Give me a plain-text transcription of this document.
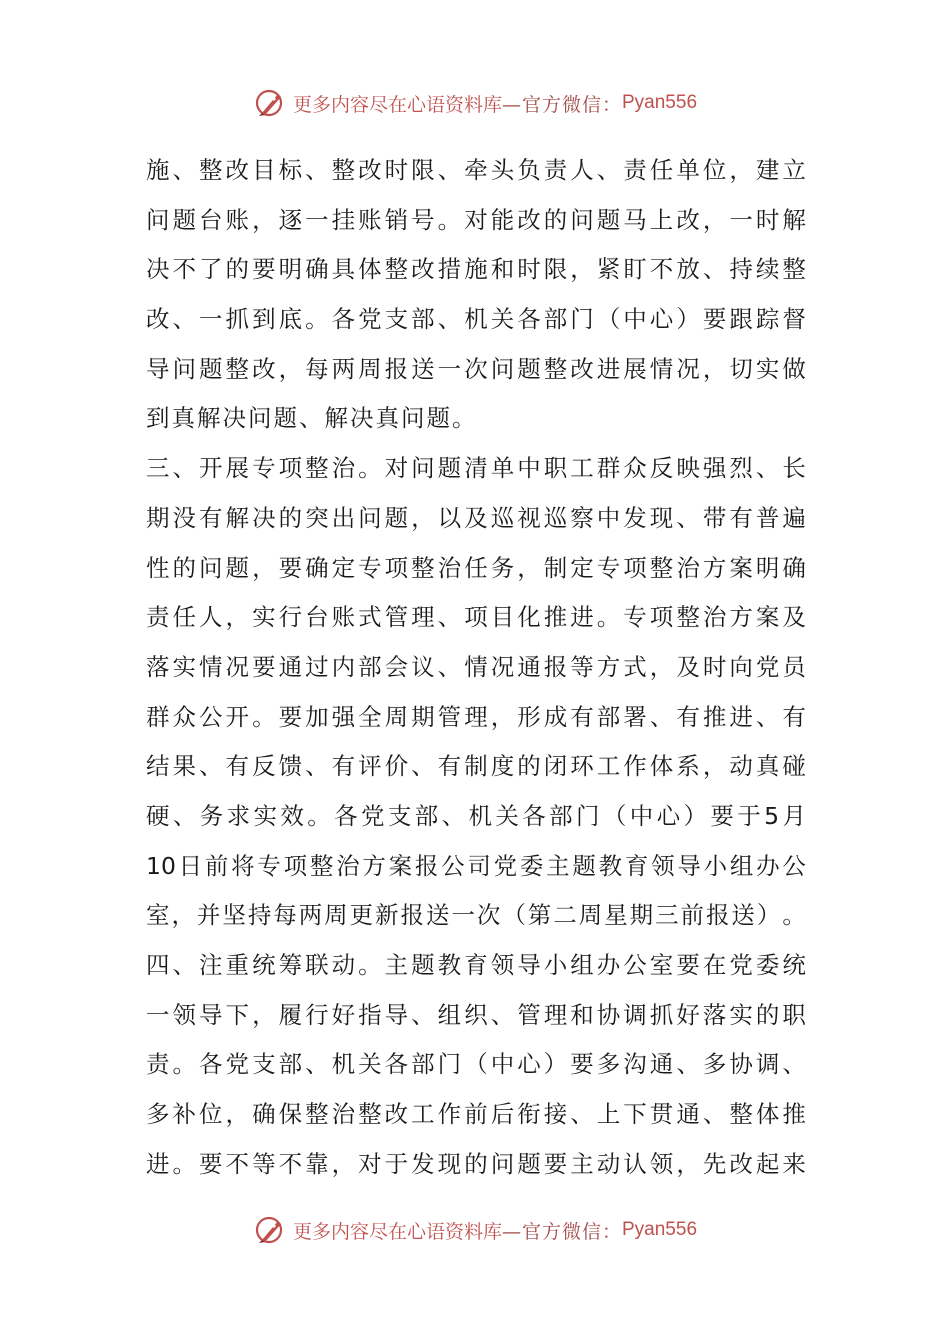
更多内容尽在心语资料库 —官方微信： Pyan556
施 、 整 改 目 标 、 整 改 时 限 、 牵 头 负 责 人 、 责 任 单 位 ， 建 立
问 题 台 账 ， 逐 一 挂 账 销 号 。 对 能 改 的 问 题 马 上 改 ， 一 时 解
决 不 了 的 要 明 确 具 体 整 改 措 施 和 时 限 ， 紧 盯 不 放 、 持 续 整
改 、 一 抓 到 底 。 各 党 支 部 、 机 关 各 部 门 （ 中 心 ） 要 跟 踪 督
导 问 题 整 改 ， 每 两 周 报 送 一 次 问 题 整 改 进 展 情 况 ， 切 实 做
到真解决问题、解决真问题。
三 、 开 展 专 项 整 治 。 对 问 题 清 单 中 职 工 群 众 反 映 强 烈 、 长
期 没 有 解 决 的 突 出 问 题 ， 以 及 巡 视 巡 察 中 发 现 、 带 有 普 遍
性 的 问 题 ， 要 确 定 专 项 整 治 任 务 ， 制 定 专 项 整 治 方 案 明 确
责 任 人 ， 实 行 台 账 式 管 理 、 项 目 化 推 进 。 专 项 整 治 方 案 及
落 实 情 况 要 通 过 内 部 会 议 、 情 况 通 报 等 方 式 ， 及 时 向 党 员
群 众 公 开 。 要 加 强 全 周 期 管 理 ， 形 成 有 部 署 、 有 推 进 、 有
结 果 、 有 反 馈 、 有 评 价 、 有 制 度 的 闭 环 工 作 体 系 ， 动 真 碰
硬 、 务 求 实 效 。 各 党 支 部 、 机 关 各 部 门 （ 中 心 ） 要 于 5 月
10 日 前 将 专 项 整 治 方 案 报 公 司 党 委 主 题 教 育 领 导 小 组 办 公
室 ， 并 坚 持 每 两 周 更 新 报 送 一 次 （ 第 二 周 星 期 三 前 报 送 ） 。
四 、 注 重 统 筹 联 动 。 主 题 教 育 领 导 小 组 办 公 室 要 在 党 委 统
一 领 导 下 ， 履 行 好 指 导 、 组 织 、 管 理 和 协 调 抓 好 落 实 的 职
责 。 各 党 支 部 、 机 关 各 部 门 （ 中 心 ） 要 多 沟 通 、 多 协 调 、
多 补 位 ， 确 保 整 治 整 改 工 作 前 后 衔 接 、 上 下 贯 通 、 整 体 推
进 。 要 不 等 不 靠 ， 对 于 发 现 的 问 题 要 主 动 认 领 ， 先 改 起 来
更多内容尽在心语资料库 —官方微信： Pyan556
